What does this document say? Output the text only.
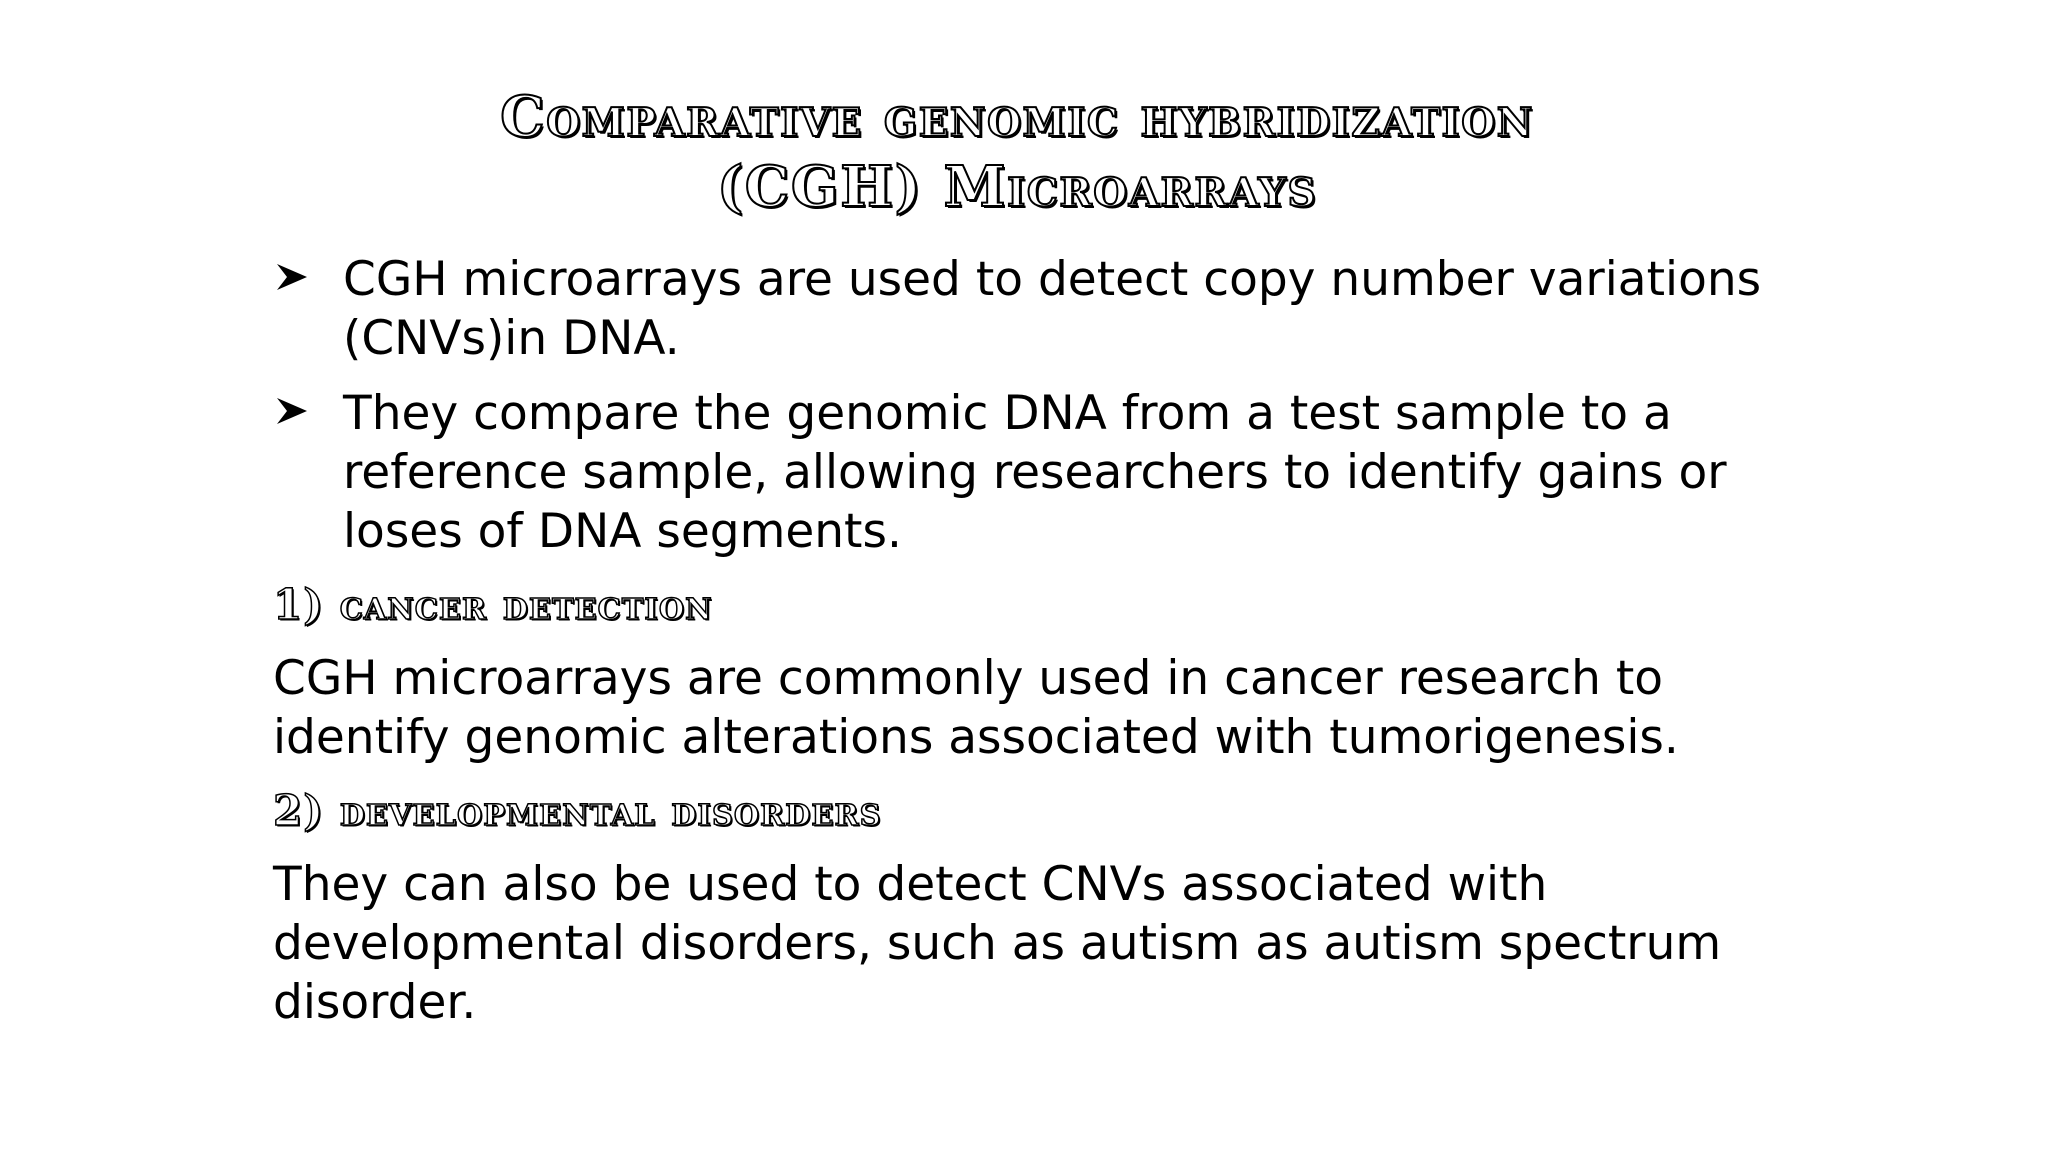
Comparative genomic hybridization
(CGH) Microarrays
CGH microarrays are used to detect copy number variations (CNVs)in DNA.
They compare the genomic DNA from a test sample to a reference sample, allowing researchers to identify gains or loses of DNA segments.
1) cancer detection
CGH microarrays are commonly used in cancer research to identify genomic alterations associated with tumorigenesis.
2) developmental disorders
They can also be used to detect CNVs associated with developmental disorders, such as autism as autism spectrum disorder.
